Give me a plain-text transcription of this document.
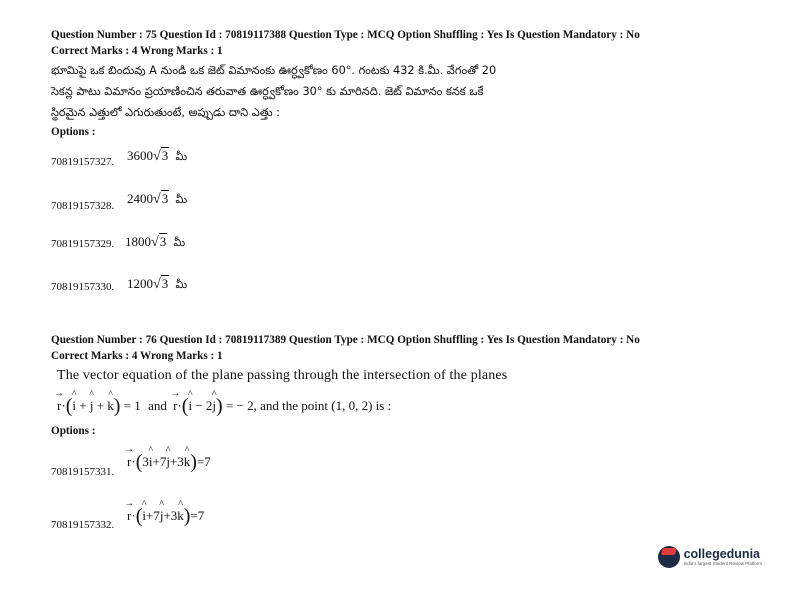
Question Number : 75 Question Id : 70819117388 Question Type : MCQ Option Shuffling : Yes Is Question Mandatory : No
Correct Marks : 4 Wrong Marks : 1
భూమిపై ఒక బిందువు A నుండి ఒక జెట్ విమానంకు ఊర్ధ్వకోణం 60°. గంటకు 432 కి.మీ. వేగంతో 20
సెకన్ల పాటు విమానం ప్రయాణించిన తరువాత ఊర్ధ్వకోణం 30° కు మారినది. జెట్ విమానం కనక ఒకే
స్థిరమైన ఎత్తులో ఎగురుతుంటే, అప్పుడు దాని ఎత్తు :
Options :
70819157327. 3600√3 మీ
70819157328. 2400√3 మీ
70819157329. 1800√3 మీ
70819157330. 1200√3 మీ
Question Number : 76 Question Id : 70819117389 Question Type : MCQ Option Shuffling : Yes Is Question Mandatory : No
Correct Marks : 4 Wrong Marks : 1
The vector equation of the plane passing through the intersection of the planes
→ r·(^ i + ^ j + ^ k) = 1 and → r·(^ i − 2^ j) = − 2, and the point (1, 0, 2) is :
Options :
→ r·(3^ i+7^ j+3^ k)=7
70819157331.
→ r·(^ i+7^ j+3^ k)=7
70819157332.
collegedunia
India's largest Student Review Platform
